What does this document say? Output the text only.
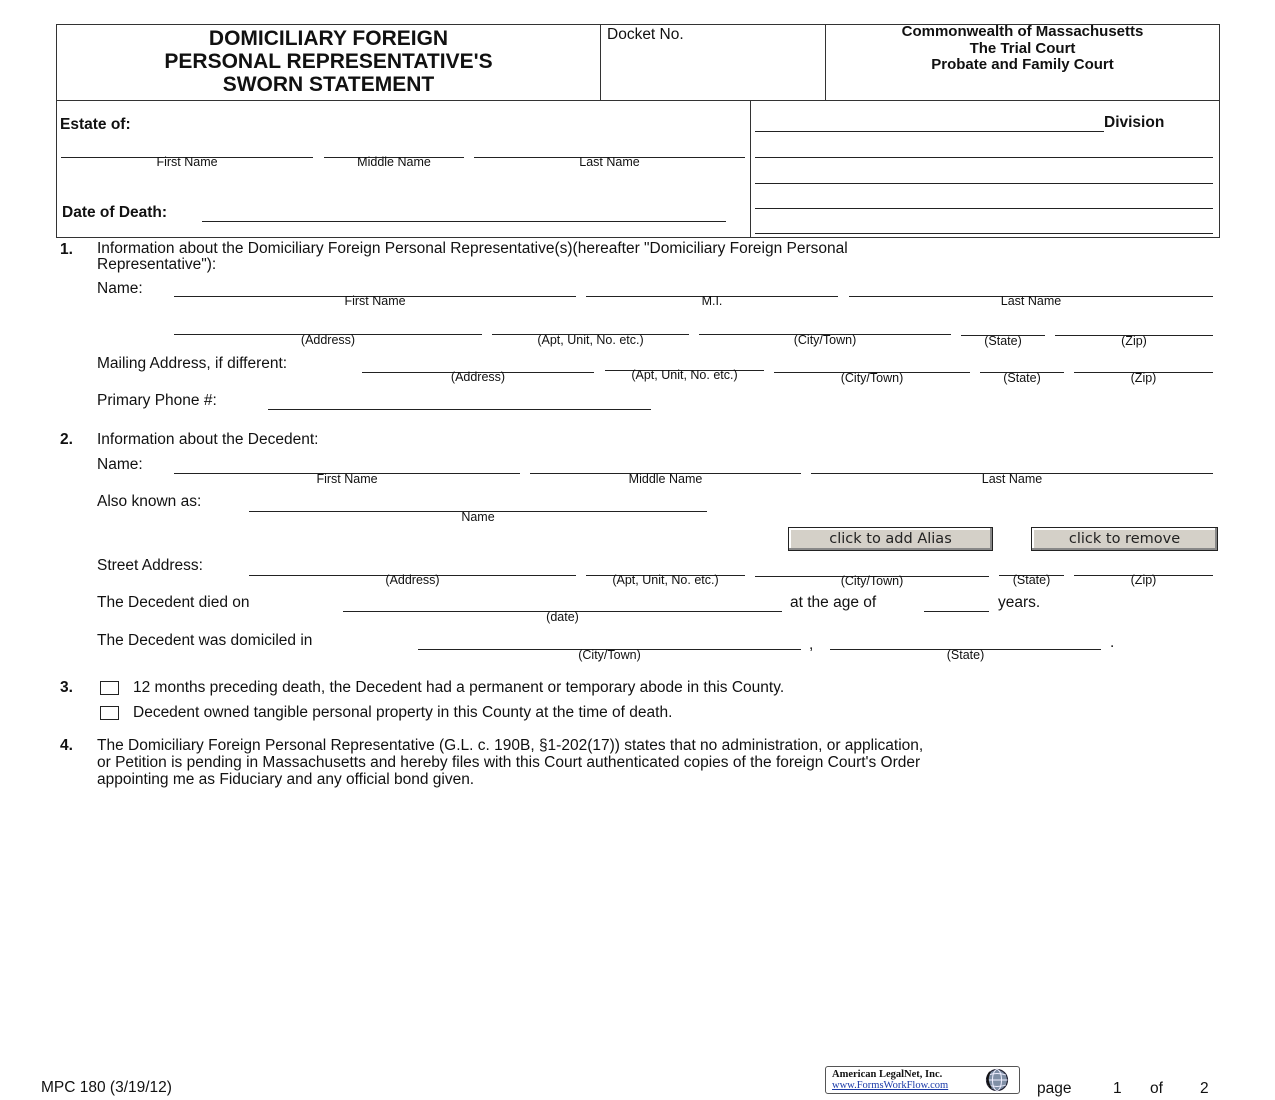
DOMICILIARY FOREIGN
PERSONAL REPRESENTATIVE'S
SWORN STATEMENT
Docket No.	Commonwealth of Massachusetts
The Trial Court
Probate and Family Court
Estate of:
First Name	Middle Name	Last Name
Date of Death:
Division
1. Information about the Domiciliary Foreign Personal Representative(s)(hereafter "Domiciliary Foreign Personal
Representative"):
Name:
First Name	M.I.	Last Name
(Address)	(Apt, Unit, No. etc.)	(City/Town)	(State)	(Zip)
Mailing Address, if different:
(Address)	(Apt, Unit, No. etc.)	(City/Town)	(State)	(Zip)
Primary Phone #:
2. Information about the Decedent:
Name:
First Name	Middle Name	Last Name
Also known as:
Name
click to add Alias	click to remove
Street Address:
(Address)	(Apt, Unit, No. etc.)	(City/Town)	(State)	(Zip)
The Decedent died on
(date)
at the age of	years.
The Decedent was domiciled in	,	.
(City/Town)	(State)
3.	12 months preceding death, the Decedent had a permanent or temporary abode in this County.
Decedent owned tangible personal property in this County at the time of death.
4. The Domiciliary Foreign Personal Representative (G.L. c. 190B, §1-202(17)) states that no administration, or application,
or Petition is pending in Massachusetts and hereby files with this Court authenticated copies of the foreign Court's Order
appointing me as Fiduciary and any official bond given.
MPC 180 (3/19/12)
American LegalNet, Inc.
www.FormsWorkFlow.com	page	1 of 2
